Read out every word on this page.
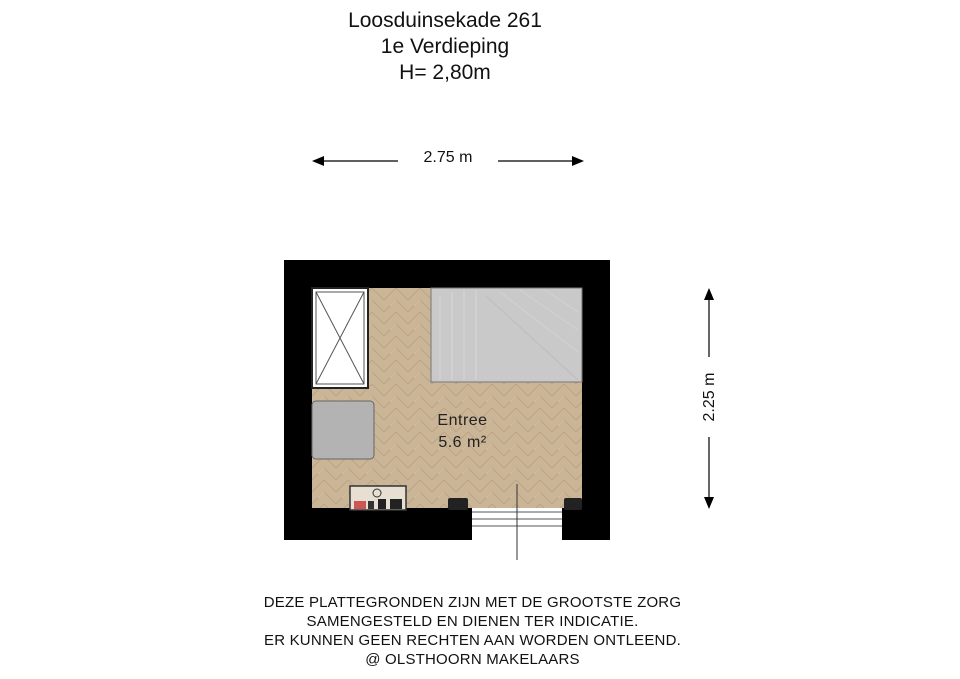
Loosduinsekade 261
1e Verdieping
H= 2,80m
2.75 m
2.25 m
Entree
5.6 m²
DEZE PLATTEGRONDEN ZIJN MET DE GROOTSTE ZORG
SAMENGESTELD EN DIENEN TER INDICATIE.
ER KUNNEN GEEN RECHTEN AAN WORDEN ONTLEEND.
@ OLSTHOORN MAKELAARS
